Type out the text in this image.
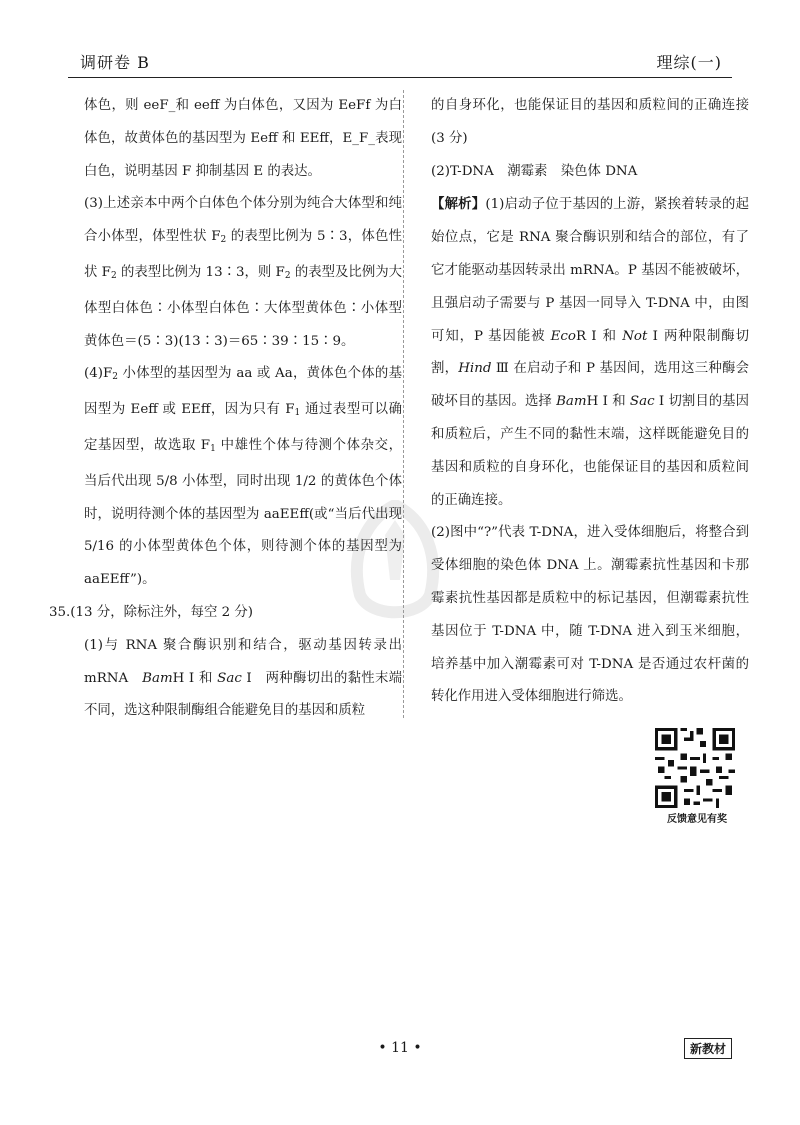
调研卷 B	理综(一)

体色，则 eeF_和 eeff 为白体色，又因为 EeFf 为白体色，故黄体色的基因型为 Eeff 和 EEff，E_F_表现白色，说明基因 F 抑制基因 E 的表达。

(3)上述亲本中两个白体色个体分别为纯合大体型和纯合小体型，体型性状 $F_2$ 的表型比例为 5∶3，体色性状 $F_2$ 的表型比例为 13∶3，则 $F_2$ 的表型及比例为大体型白体色∶小体型白体色∶大体型黄体色∶小体型黄体色＝(5∶3)(13∶3)＝65∶39∶15∶9。

$(4)F_2$ 小体型的基因型为 aa 或 Aa，黄体色个体的基因型为 Eeff 或 EEff，因为只有 $F_1$ 通过表型可以确定基因型，故选取 $F_1$ 中雄性个体与待测个体杂交，当后代出现 5/8 小体型，同时出现 1/2 的黄体色个体时，说明待测个体的基因型为 aaEEff(或“当后代出现 5/16 的小体型黄体色个体，则待测个体的基因型为 aaEEff”)。

35.(13 分，除标注外，每空 2 分)

(1)与 RNA 聚合酶识别和结合，驱动基因转录出 mRNA　BamH Ⅰ 和 Sac Ⅰ　两种酶切出的黏性末端不同，选这种限制酶组合能避免目的基因和质粒

的自身环化，也能保证目的基因和质粒间的正确连接(3 分)

(2)T-DNA　潮霉素　染色体 DNA

【解析】(1)启动子位于基因的上游，紧挨着转录的起始位点，它是 RNA 聚合酶识别和结合的部位，有了它才能驱动基因转录出 mRNA。P 基因不能被破坏，且强启动子需要与 P 基因一同导入 T-DNA 中，由图可知，P 基因能被 EcoR Ⅰ 和 Not Ⅰ 两种限制酶切割，Hind Ⅲ 在启动子和 P 基因间，选用这三种酶会破坏目的基因。选择 BamH Ⅰ 和 Sac Ⅰ 切割目的基因和质粒后，产生不同的黏性末端，这样既能避免目的基因和质粒的自身环化，也能保证目的基因和质粒间的正确连接。

(2)图中“?”代表 T-DNA，进入受体细胞后，将整合到受体细胞的染色体 DNA 上。潮霉素抗性基因和卡那霉素抗性基因都是质粒中的标记基因，但潮霉素抗性基因位于 T-DNA 中，随 T-DNA 进入到玉米细胞，培养基中加入潮霉素可对 T-DNA 是否通过农杆菌的转化作用进入受体细胞进行筛选。

反馈意见有奖
• 11 •	新教材
